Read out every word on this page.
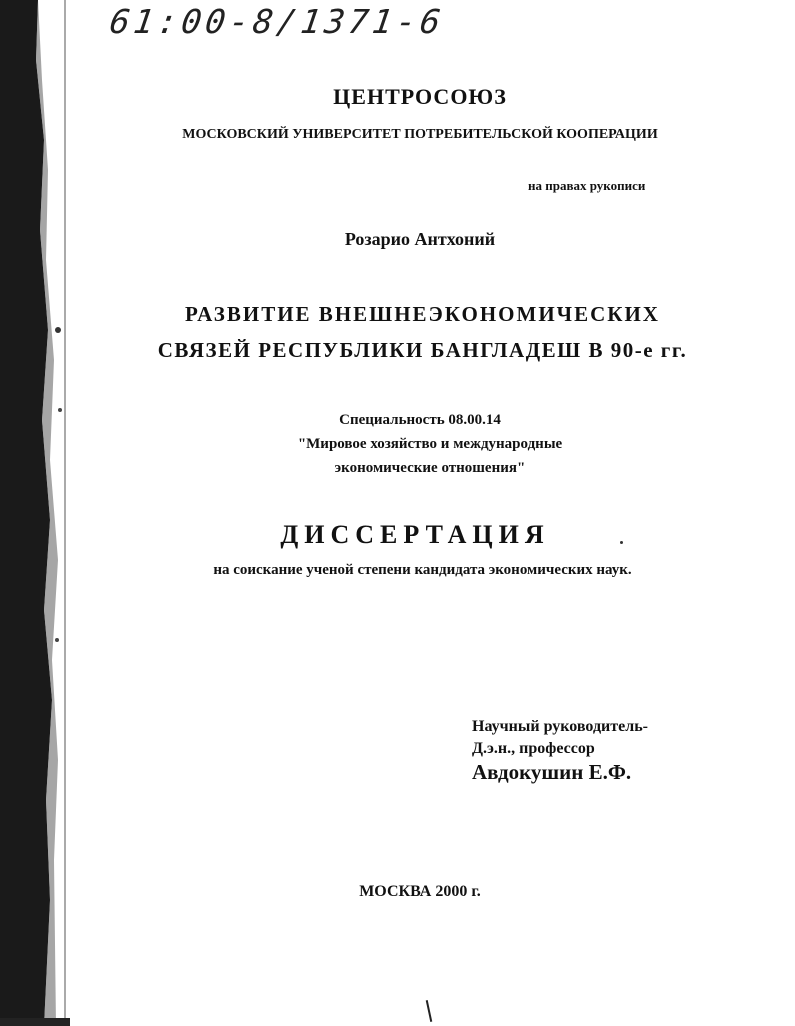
61:00-8/1371-6
ЦЕНТРОСОЮЗ
МОСКОВСКИЙ УНИВЕРСИТЕТ ПОТРЕБИТЕЛЬСКОЙ КООПЕРАЦИИ
на правах рукописи
Розарио Антхоний
РАЗВИТИЕ ВНЕШНЕЭКОНОМИЧЕСКИХ
СВЯЗЕЙ РЕСПУБЛИКИ БАНГЛАДЕШ В 90-е гг.
Специальность 08.00.14
"Мировое хозяйство и международные
экономические отношения"
ДИССЕРТАЦИЯ
на соискание ученой степени кандидата экономических наук.
Научный руководитель-
Д.э.н., профессор
Авдокушин Е.Ф.
МОСКВА 2000 г.
